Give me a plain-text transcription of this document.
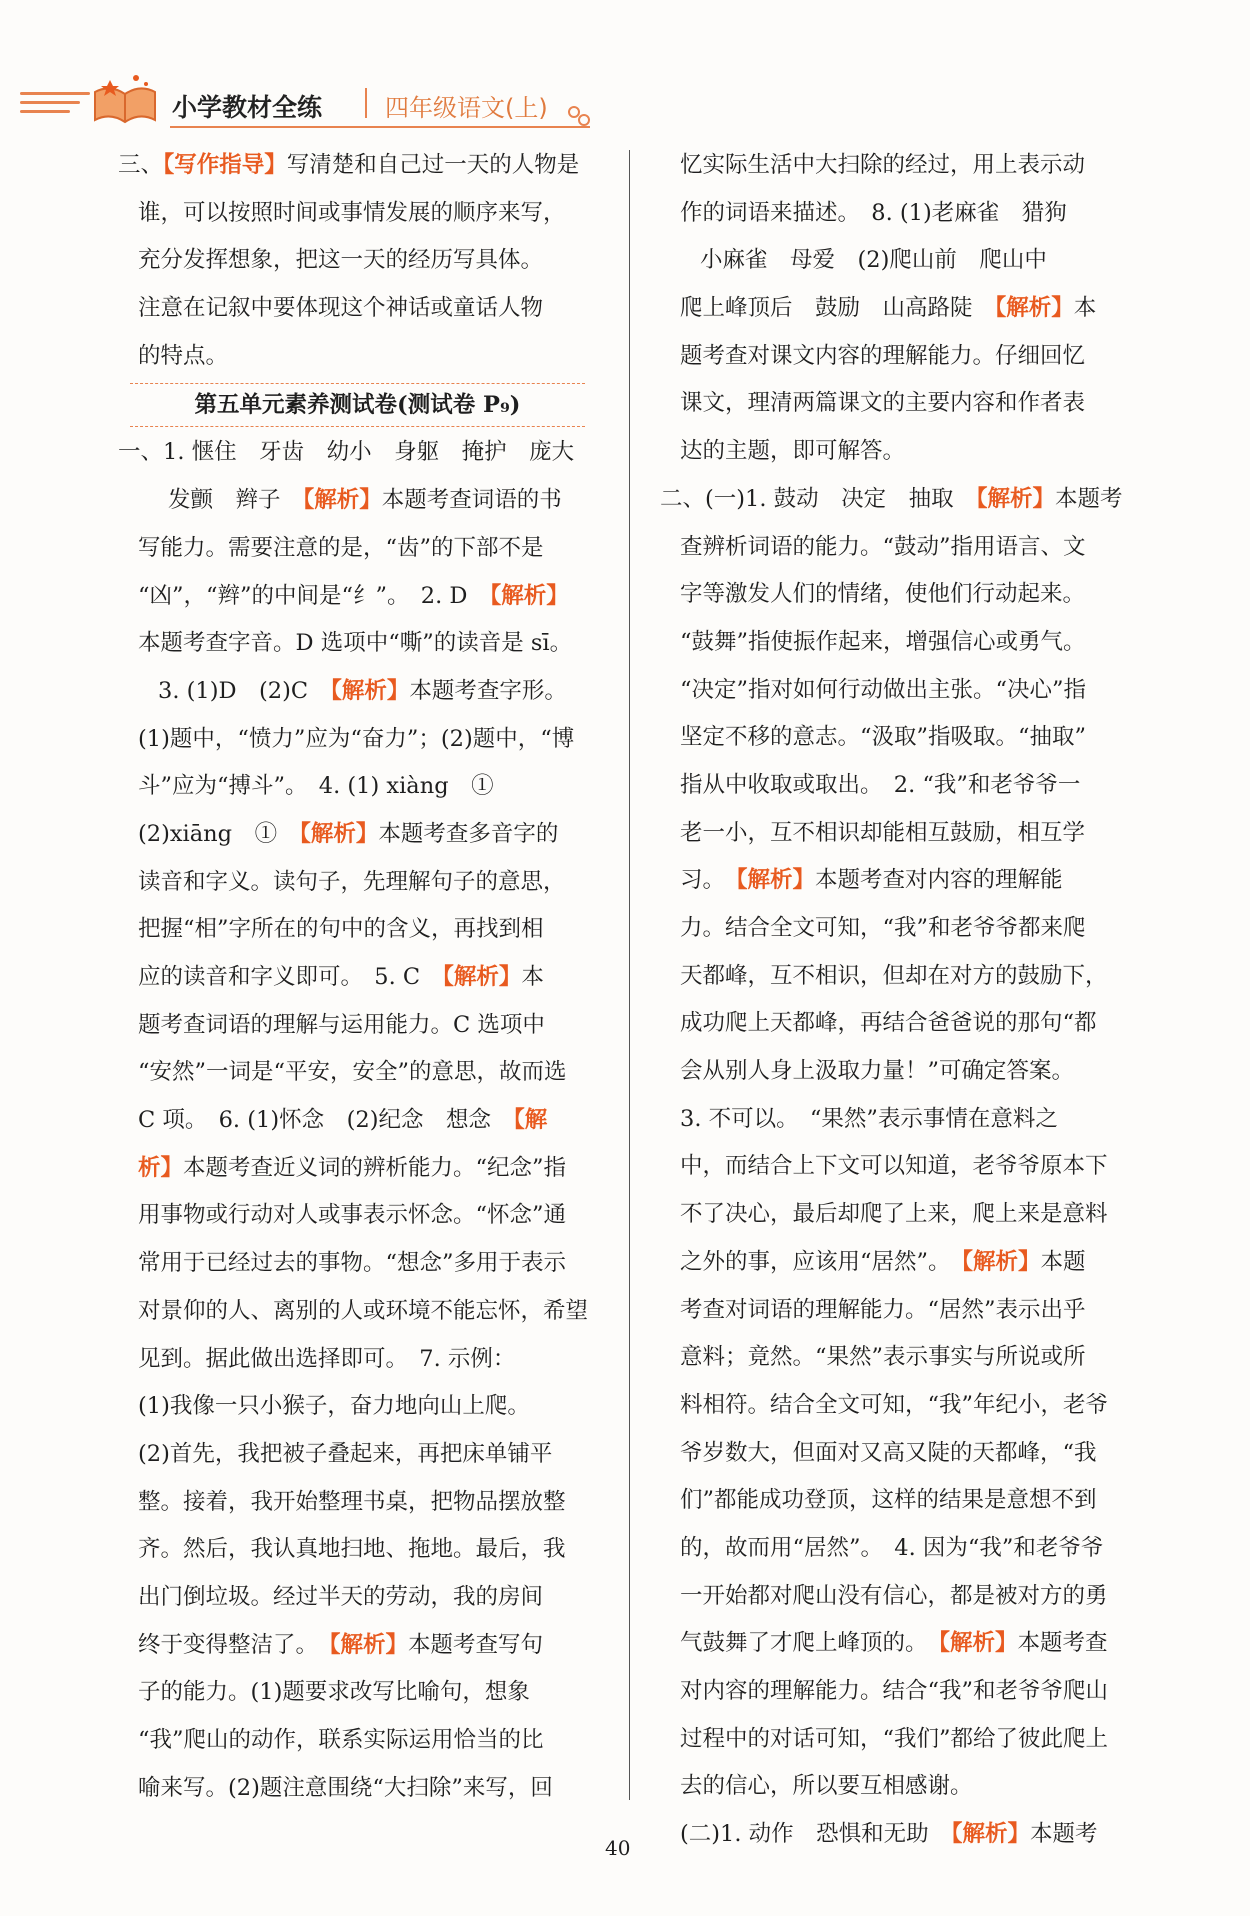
小学教材全练	四年级语文(上)
三、【写作指导】写清楚和自己过一天的人物是
谁，可以按照时间或事情发展的顺序来写，
充分发挥想象，把这一天的经历写具体。
注意在记叙中要体现这个神话或童话人物
的特点。
第五单元素养测试卷(测试卷 P₉)
一、1. 惬住　牙齿　幼小　身躯　掩护　庞大
发颤　辫子　【解析】本题考查词语的书
写能力。需要注意的是，“齿”的下部不是
“凶”，“辫”的中间是“纟”。　2. D　【解析】
本题考查字音。D 选项中“嘶”的读音是 sī。
3. (1)D　(2)C　【解析】本题考查字形。
(1)题中，“愤力”应为“奋力”；(2)题中，“博
斗”应为“搏斗”。　4. (1) xiàng　①
(2)xiāng　①　【解析】本题考查多音字的
读音和字义。读句子，先理解句子的意思，
把握“相”字所在的句中的含义，再找到相
应的读音和字义即可。　5. C　【解析】本
题考查词语的理解与运用能力。C 选项中
“安然”一词是“平安，安全”的意思，故而选
C 项。　6. (1)怀念　(2)纪念　想念　【解
析】本题考查近义词的辨析能力。“纪念”指
用事物或行动对人或事表示怀念。“怀念”通
常用于已经过去的事物。“想念”多用于表示
对景仰的人、离别的人或环境不能忘怀，希望
见到。据此做出选择即可。　7. 示例：
(1)我像一只小猴子，奋力地向山上爬。
(2)首先，我把被子叠起来，再把床单铺平
整。接着，我开始整理书桌，把物品摆放整
齐。然后，我认真地扫地、拖地。最后，我
出门倒垃圾。经过半天的劳动，我的房间
终于变得整洁了。　【解析】本题考查写句
子的能力。(1)题要求改写比喻句，想象
“我”爬山的动作，联系实际运用恰当的比
喻来写。(2)题注意围绕“大扫除”来写，回
忆实际生活中大扫除的经过，用上表示动
作的词语来描述。　8. (1)老麻雀　猎狗
小麻雀　母爱　(2)爬山前　爬山中
爬上峰顶后　鼓励　山高路陡　【解析】本
题考查对课文内容的理解能力。仔细回忆
课文，理清两篇课文的主要内容和作者表
达的主题，即可解答。
二、(一)1. 鼓动　决定　抽取　【解析】本题考
查辨析词语的能力。“鼓动”指用语言、文
字等激发人们的情绪，使他们行动起来。
“鼓舞”指使振作起来，增强信心或勇气。
“决定”指对如何行动做出主张。“决心”指
坚定不移的意志。“汲取”指吸取。“抽取”
指从中收取或取出。　2. “我”和老爷爷一
老一小，互不相识却能相互鼓励，相互学
习。　【解析】本题考查对内容的理解能
力。结合全文可知，“我”和老爷爷都来爬
天都峰，互不相识，但却在对方的鼓励下，
成功爬上天都峰，再结合爸爸说的那句“都
会从别人身上汲取力量！”可确定答案。
3. 不可以。　“果然”表示事情在意料之
中，而结合上下文可以知道，老爷爷原本下
不了决心，最后却爬了上来，爬上来是意料
之外的事，应该用“居然”。　【解析】本题
考查对词语的理解能力。“居然”表示出乎
意料；竟然。“果然”表示事实与所说或所
料相符。结合全文可知，“我”年纪小，老爷
爷岁数大，但面对又高又陡的天都峰，“我
们”都能成功登顶，这样的结果是意想不到
的，故而用“居然”。　4. 因为“我”和老爷爷
一开始都对爬山没有信心，都是被对方的勇
气鼓舞了才爬上峰顶的。　【解析】本题考查
对内容的理解能力。结合“我”和老爷爷爬山
过程中的对话可知，“我们”都给了彼此爬上
去的信心，所以要互相感谢。
(二)1. 动作　恐惧和无助　【解析】本题考
40
